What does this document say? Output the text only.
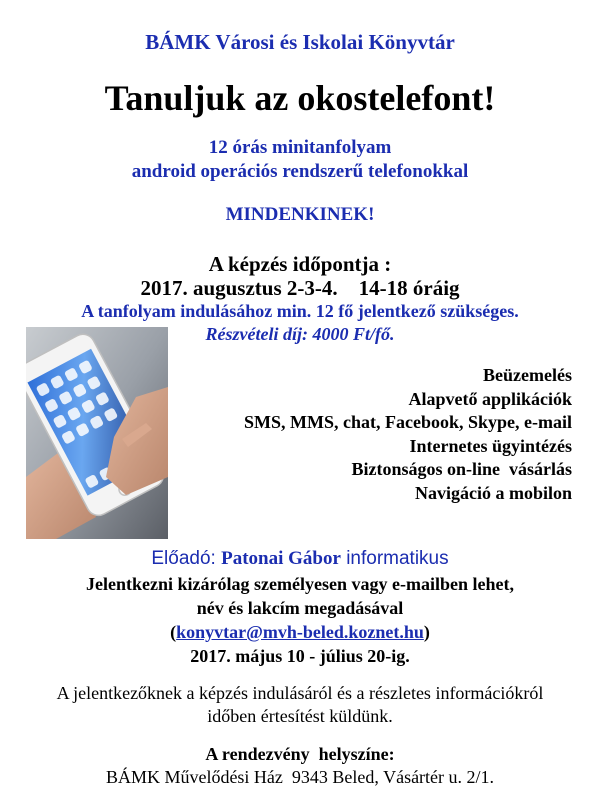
BÁMK Városi és Iskolai Könyvtár
Tanuljuk az okostelefont!
12 órás minitanfolyam
android operációs rendszerű telefonokkal
MINDENKINEK!
A képzés időpontja :
2017. augusztus 2-3-4.    14-18 óráig
A tanfolyam indulásához min. 12 fő jelentkező szükséges.
Részvételi díj: 4000 Ft/fő.
Beüzemelés
Alapvető applikációk
SMS, MMS, chat, Facebook, Skype, e-mail
Internetes ügyintézés
Biztonságos on-line  vásárlás
Navigáció a mobilon
Előadó: Patonai Gábor informatikus
Jelentkezni kizárólag személyesen vagy e-mailben lehet,
név és lakcím megadásával
(konyvtar@mvh-beled.koznet.hu)
2017. május 10 - július 20-ig.
A jelentkezőknek a képzés indulásáról és a részletes információkról
időben értesítést küldünk.
A rendezvény  helyszíne:
BÁMK Művelődési Ház  9343 Beled, Vásártér u. 2/1.
